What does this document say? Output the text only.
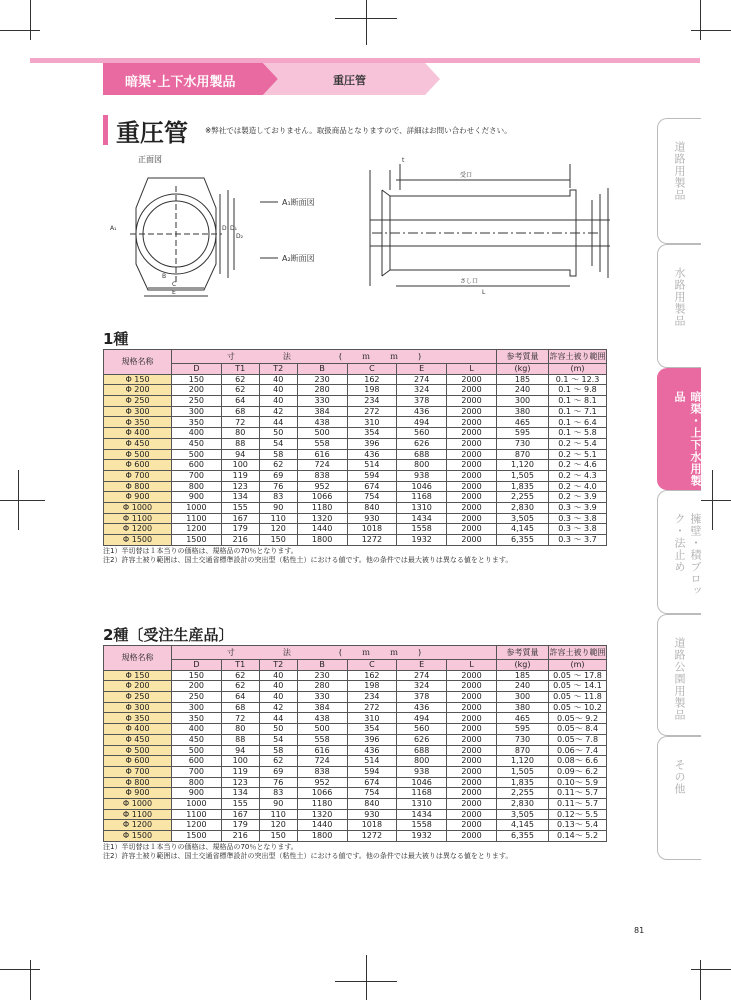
暗渠･上下水用製品	重圧管
重圧管 ※弊社では製造しておりません。取扱商品となりますので、詳細はお問い合わせください。
正面図
A₁断面図
A₂断面図
受口
さし口
A₁
B
C
E
D D₁
D₂
L
t
1種
規格名称	寸　法　(ｍｍ)							参考質量	許容土被り範囲
	D	T1	T2	B	C	E	L	(kg)	(m)
Φ 150	150	62	40	230	162	274	2000	185	0.1 ～ 12.3
Φ 200	200	62	40	280	198	324	2000	240	0.1 ～ 9.8
Φ 250	250	64	40	330	234	378	2000	300	0.1 ～ 8.1
Φ 300	300	68	42	384	272	436	2000	380	0.1 ～ 7.1
Φ 350	350	72	44	438	310	494	2000	465	0.1 ～ 6.4
Φ 400	400	80	50	500	354	560	2000	595	0.1 ～ 5.8
Φ 450	450	88	54	558	396	626	2000	730	0.2 ～ 5.4
Φ 500	500	94	58	616	436	688	2000	870	0.2 ～ 5.1
Φ 600	600	100	62	724	514	800	2000	1,120	0.2 ～ 4.6
Φ 700	700	119	69	838	594	938	2000	1,505	0.2 ～ 4.3
Φ 800	800	123	76	952	674	1046	2000	1,835	0.2 ～ 4.0
Φ 900	900	134	83	1066	754	1168	2000	2,255	0.2 ～ 3.9
Φ 1000	1000	155	90	1180	840	1310	2000	2,830	0.3 ～ 3.9
Φ 1100	1100	167	110	1320	930	1434	2000	3,505	0.3 ～ 3.8
Φ 1200	1200	179	120	1440	1018	1558	2000	4,145	0.3 ～ 3.8
Φ 1500	1500	216	150	1800	1272	1932	2000	6,355	0.3 ～ 3.7
注1）半切替は１本当りの価格は、規格品の70％となります。
注2）許容土被り範囲は、国土交通省標準設計の突出型（粘性土）における値です。他の条件では最大被りは異なる値をとります。
2種〔受注生産品〕
規格名称	寸　法　(ｍｍ)							参考質量	許容土被り範囲
	D	T1	T2	B	C	E	L	(kg)	(m)
Φ 150	150	62	40	230	162	274	2000	185	0.05 ～ 17.8
Φ 200	200	62	40	280	198	324	2000	240	0.05 ～ 14.1
Φ 250	250	64	40	330	234	378	2000	300	0.05 ～ 11.8
Φ 300	300	68	42	384	272	436	2000	380	0.05 ～ 10.2
Φ 350	350	72	44	438	310	494	2000	465	0.05～ 9.2
Φ 400	400	80	50	500	354	560	2000	595	0.05～ 8.4
Φ 450	450	88	54	558	396	626	2000	730	0.05～ 7.8
Φ 500	500	94	58	616	436	688	2000	870	0.06～ 7.4
Φ 600	600	100	62	724	514	800	2000	1,120	0.08～ 6.6
Φ 700	700	119	69	838	594	938	2000	1,505	0.09～ 6.2
Φ 800	800	123	76	952	674	1046	2000	1,835	0.10～ 5.9
Φ 900	900	134	83	1066	754	1168	2000	2,255	0.11～ 5.7
Φ 1000	1000	155	90	1180	840	1310	2000	2,830	0.11～ 5.7
Φ 1100	1100	167	110	1320	930	1434	2000	3,505	0.12～ 5.5
Φ 1200	1200	179	120	1440	1018	1558	2000	4,145	0.13～ 5.4
Φ 1500	1500	216	150	1800	1272	1932	2000	6,355	0.14～ 5.2
注1）半切替は１本当りの価格は、規格品の70％となります。
注2）許容土被り範囲は、国土交通省標準設計の突出型（粘性土）における値です。他の条件では最大被りは異なる値をとります。
道路用製品
水路用製品
暗渠・上下水用製品
擁壁・積ブロック・法止め
道路公園用製品
その他
81
